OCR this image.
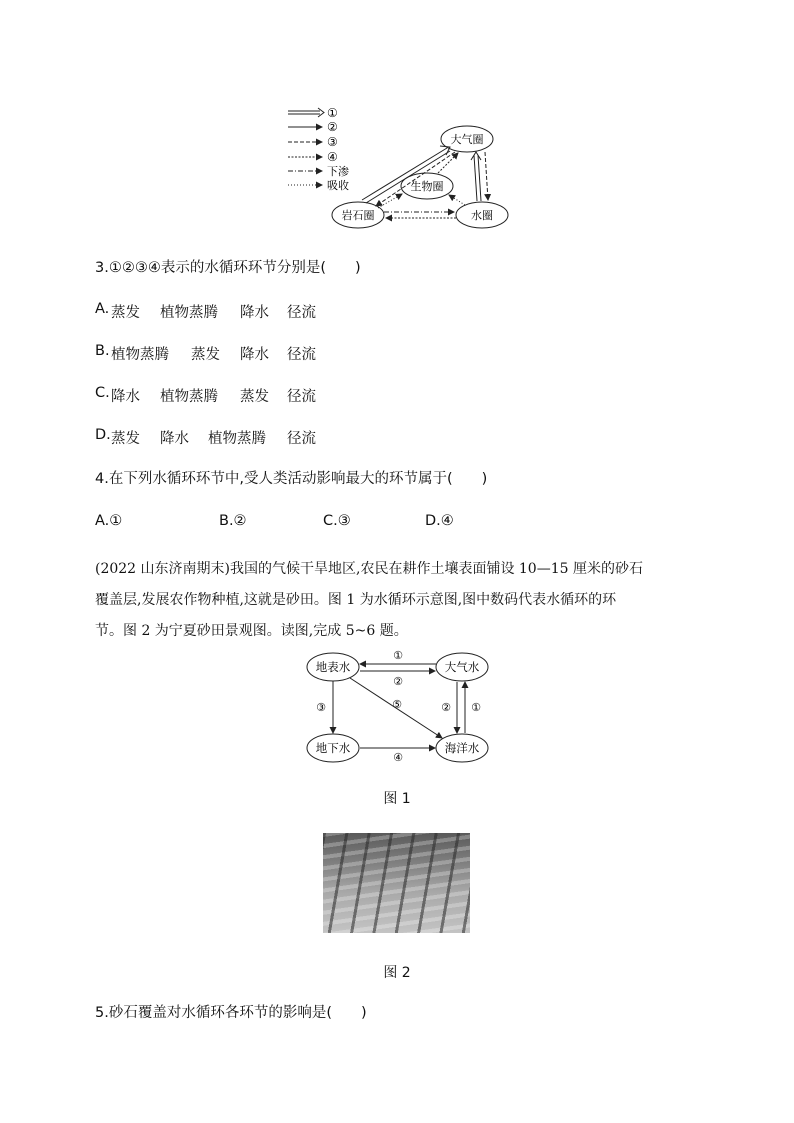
①
②
③
④
下渗
吸收
大气圈
生物圈
岩石圈	水圈
3.①②③④表示的水循环环节分别是(　　)
A. 蒸发 植物蒸腾 降水 径流
B. 植物蒸腾 蒸发 降水 径流
C. 降水 植物蒸腾 蒸发 径流
D. 蒸发 降水 植物蒸腾 径流
4.在下列水循环环节中,受人类活动影响最大的环节属于(　　)
A.①	B.②	C.③	D.④
(2022 山东济南期末)我国的气候干旱地区,农民在耕作土壤表面铺设 10—15 厘米的砂石
覆盖层,发展农作物种植,这就是砂田。图 1 为水循环示意图,图中数码代表水循环的环
节。图 2 为宁夏砂田景观图。读图,完成 5~6 题。
地表水	大气水
地下水	海洋水
①
②
③	⑤
④
② ①
图 1
图 2
5.砂石覆盖对水循环各环节的影响是(　　)
